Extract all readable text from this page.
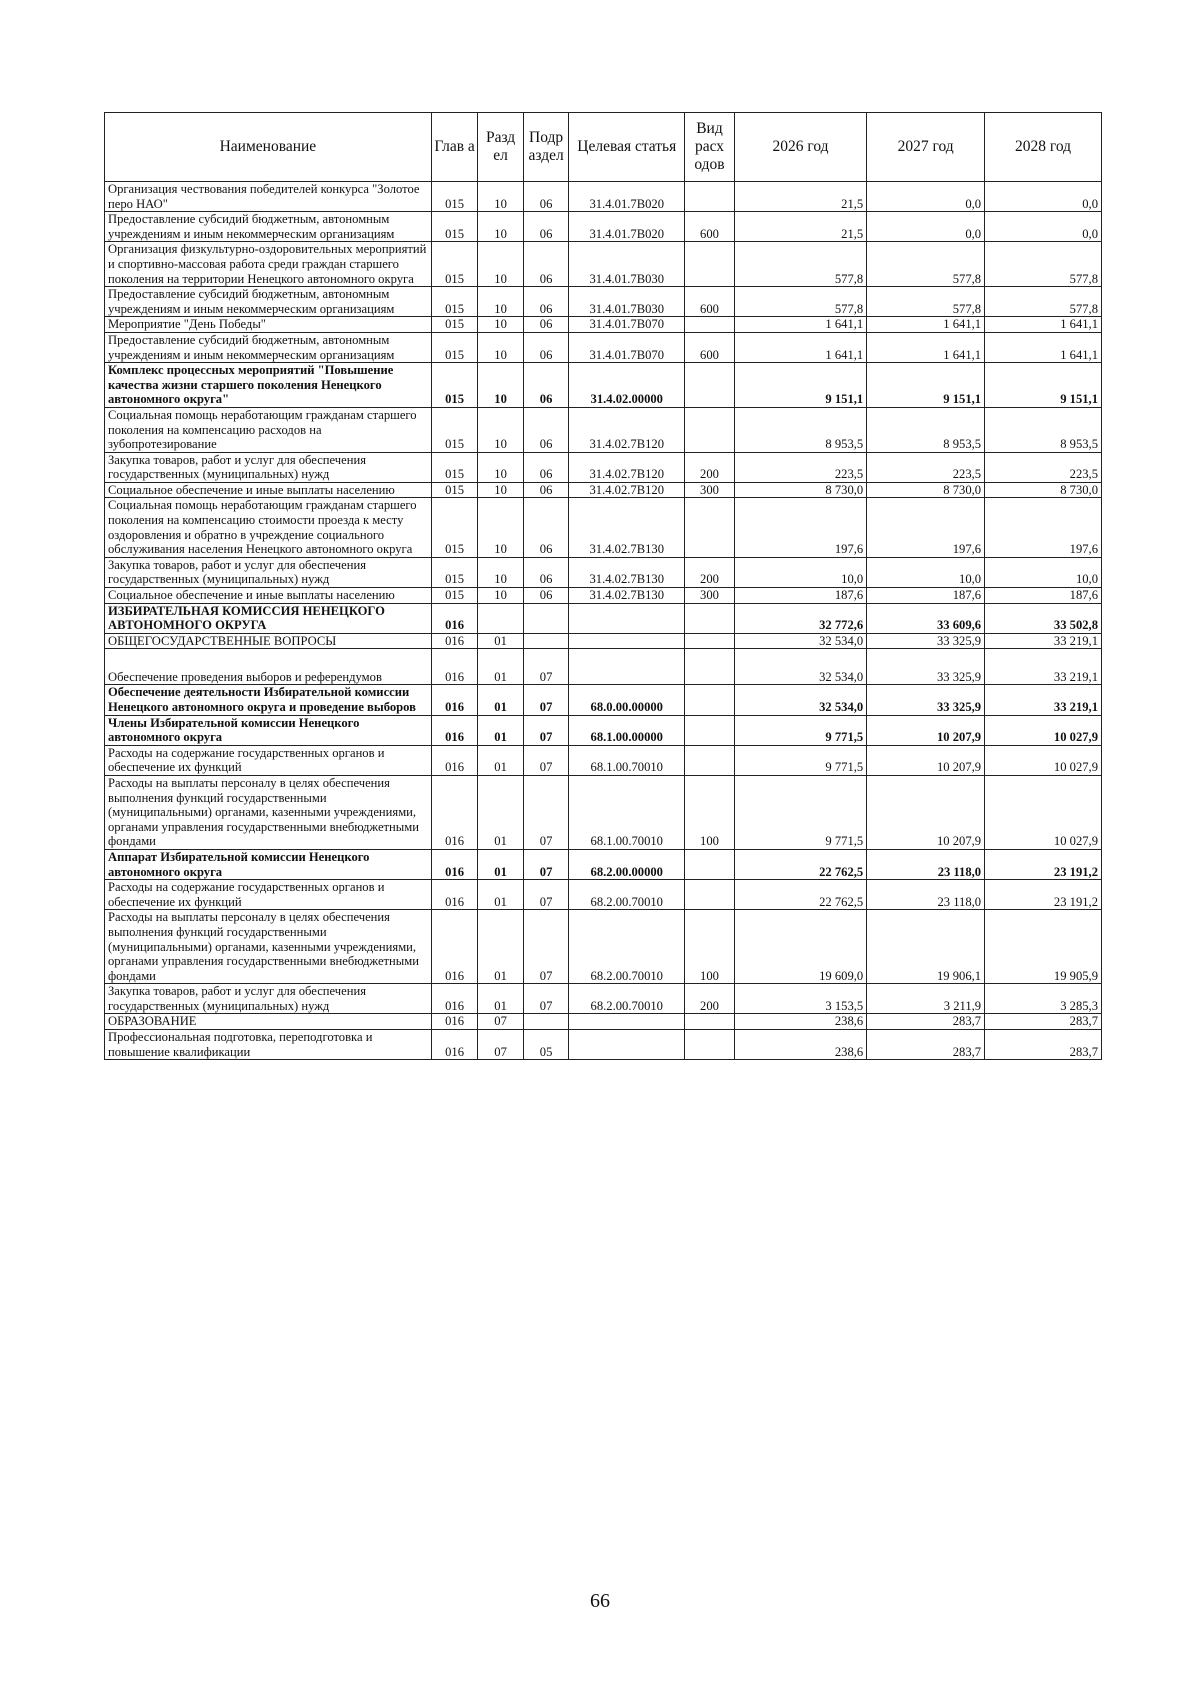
Наименование	Глав а	Разд ел	Подр аздел	Целевая статья	Вид расх одов	2026 год	2027 год	2028 год
Организация чествования победителей конкурса "Золотое перо НАО"	015	10	06	31.4.01.7В020		21,5	0,0	0,0
Предоставление субсидий бюджетным, автономным учреждениям и иным некоммерческим организациям	015	10	06	31.4.01.7В020	600	21,5	0,0	0,0
Организация физкультурно-оздоровительных мероприятий и спортивно-массовая работа среди граждан старшего поколения на территории Ненецкого автономного округа	015	10	06	31.4.01.7В030		577,8	577,8	577,8
Предоставление субсидий бюджетным, автономным учреждениям и иным некоммерческим организациям	015	10	06	31.4.01.7В030	600	577,8	577,8	577,8
Мероприятие "День Победы"	015	10	06	31.4.01.7В070		1 641,1	1 641,1	1 641,1
Предоставление субсидий бюджетным, автономным учреждениям и иным некоммерческим организациям	015	10	06	31.4.01.7В070	600	1 641,1	1 641,1	1 641,1
Комплекс процессных мероприятий "Повышение качества жизни старшего поколения Ненецкого автономного округа"	015	10	06	31.4.02.00000		9 151,1	9 151,1	9 151,1
Социальная помощь неработающим гражданам старшего поколения на компенсацию расходов на зубопротезирование	015	10	06	31.4.02.7В120		8 953,5	8 953,5	8 953,5
Закупка товаров, работ и услуг для обеспечения государственных (муниципальных) нужд	015	10	06	31.4.02.7В120	200	223,5	223,5	223,5
Социальное обеспечение и иные выплаты населению	015	10	06	31.4.02.7В120	300	8 730,0	8 730,0	8 730,0
Социальная помощь неработающим гражданам старшего поколения на компенсацию стоимости проезда к месту оздоровления и обратно в учреждение социального обслуживания населения Ненецкого автономного округа	015	10	06	31.4.02.7В130		197,6	197,6	197,6
Закупка товаров, работ и услуг для обеспечения государственных (муниципальных) нужд	015	10	06	31.4.02.7В130	200	10,0	10,0	10,0
Социальное обеспечение и иные выплаты населению	015	10	06	31.4.02.7В130	300	187,6	187,6	187,6
ИЗБИРАТЕЛЬНАЯ КОМИССИЯ НЕНЕЦКОГО АВТОНОМНОГО ОКРУГА	016					32 772,6	33 609,6	33 502,8
ОБЩЕГОСУДАРСТВЕННЫЕ ВОПРОСЫ	016	01				32 534,0	33 325,9	33 219,1
Обеспечение проведения выборов и референдумов	016	01	07			32 534,0	33 325,9	33 219,1
Обеспечение деятельности Избирательной комиссии Ненецкого автономного округа и проведение выборов	016	01	07	68.0.00.00000		32 534,0	33 325,9	33 219,1
Члены Избирательной комиссии Ненецкого автономного округа	016	01	07	68.1.00.00000		9 771,5	10 207,9	10 027,9
Расходы на содержание государственных органов и обеспечение их функций	016	01	07	68.1.00.70010		9 771,5	10 207,9	10 027,9
Расходы на выплаты персоналу в целях обеспечения выполнения функций государственными (муниципальными) органами, казенными учреждениями, органами управления государственными внебюджетными фондами	016	01	07	68.1.00.70010	100	9 771,5	10 207,9	10 027,9
Аппарат Избирательной комиссии Ненецкого автономного округа	016	01	07	68.2.00.00000		22 762,5	23 118,0	23 191,2
Расходы на содержание государственных органов и обеспечение их функций	016	01	07	68.2.00.70010		22 762,5	23 118,0	23 191,2
Расходы на выплаты персоналу в целях обеспечения выполнения функций государственными (муниципальными) органами, казенными учреждениями, органами управления государственными внебюджетными фондами	016	01	07	68.2.00.70010	100	19 609,0	19 906,1	19 905,9
Закупка товаров, работ и услуг для обеспечения государственных (муниципальных) нужд	016	01	07	68.2.00.70010	200	3 153,5	3 211,9	3 285,3
ОБРАЗОВАНИЕ	016	07				238,6	283,7	283,7
Профессиональная подготовка, переподготовка и повышение квалификации	016	07	05			238,6	283,7	283,7
66
